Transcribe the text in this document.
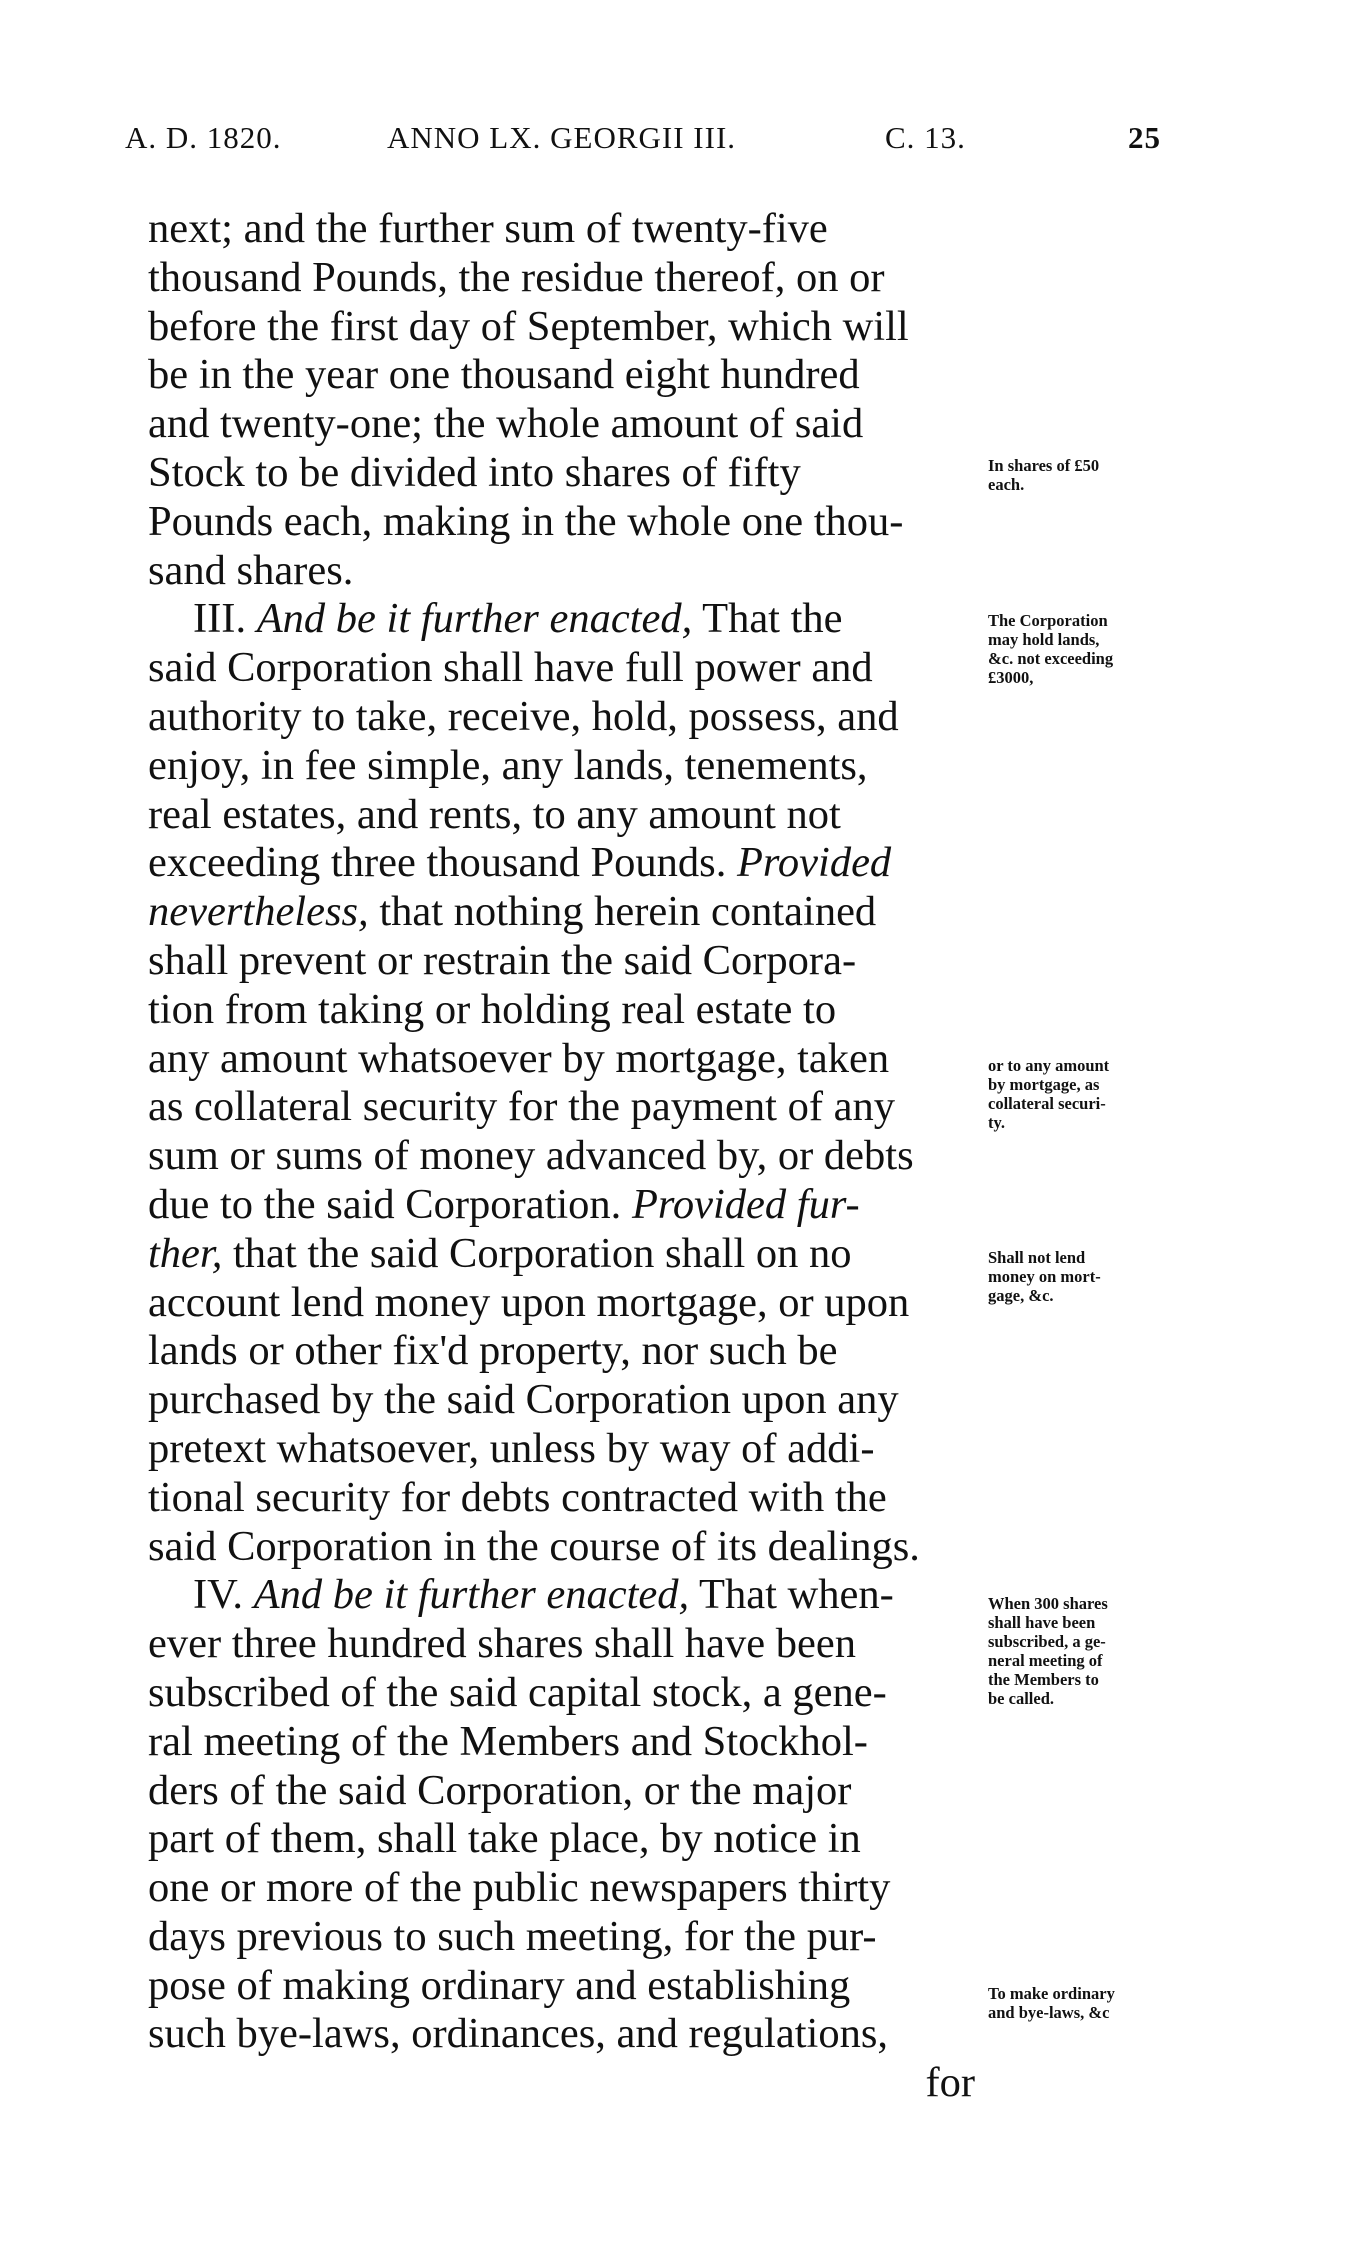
A. D. 1820.	ANNO LX. GEORGII III.	C. 13.	25
next; and the further sum of twenty-five
thousand Pounds, the residue thereof, on or
before the first day of September, which will
be in the year one thousand eight hundred
and twenty-one; the whole amount of said
Stock to be divided into shares of fifty
Pounds each, making in the whole one thou-
sand shares.
III. And be it further enacted, That the
said Corporation shall have full power and
authority to take, receive, hold, possess, and
enjoy, in fee simple, any lands, tenements,
real estates, and rents, to any amount not
exceeding three thousand Pounds. Provided
nevertheless, that nothing herein contained
shall prevent or restrain the said Corpora-
tion from taking or holding real estate to
any amount whatsoever by mortgage, taken
as collateral security for the payment of any
sum or sums of money advanced by, or debts
due to the said Corporation. Provided fur-
ther, that the said Corporation shall on no
account lend money upon mortgage, or upon
lands or other fix'd property, nor such be
purchased by the said Corporation upon any
pretext whatsoever, unless by way of addi-
tional security for debts contracted with the
said Corporation in the course of its dealings.
IV. And be it further enacted, That when-
ever three hundred shares shall have been
subscribed of the said capital stock, a gene-
ral meeting of the Members and Stockhol-
ders of the said Corporation, or the major
part of them, shall take place, by notice in
one or more of the public newspapers thirty
days previous to such meeting, for the pur-
pose of making ordinary and establishing
such bye-laws, ordinances, and regulations,
for
In shares of £50
each.
The Corporation
may hold lands,
&c. not exceeding
£3000,
or to any amount
by mortgage, as
collateral securi-
ty.
Shall not lend
money on mort-
gage, &c.
When 300 shares
shall have been
subscribed, a ge-
neral meeting of
the Members to
be called.
To make ordinary
and bye-laws, &c
